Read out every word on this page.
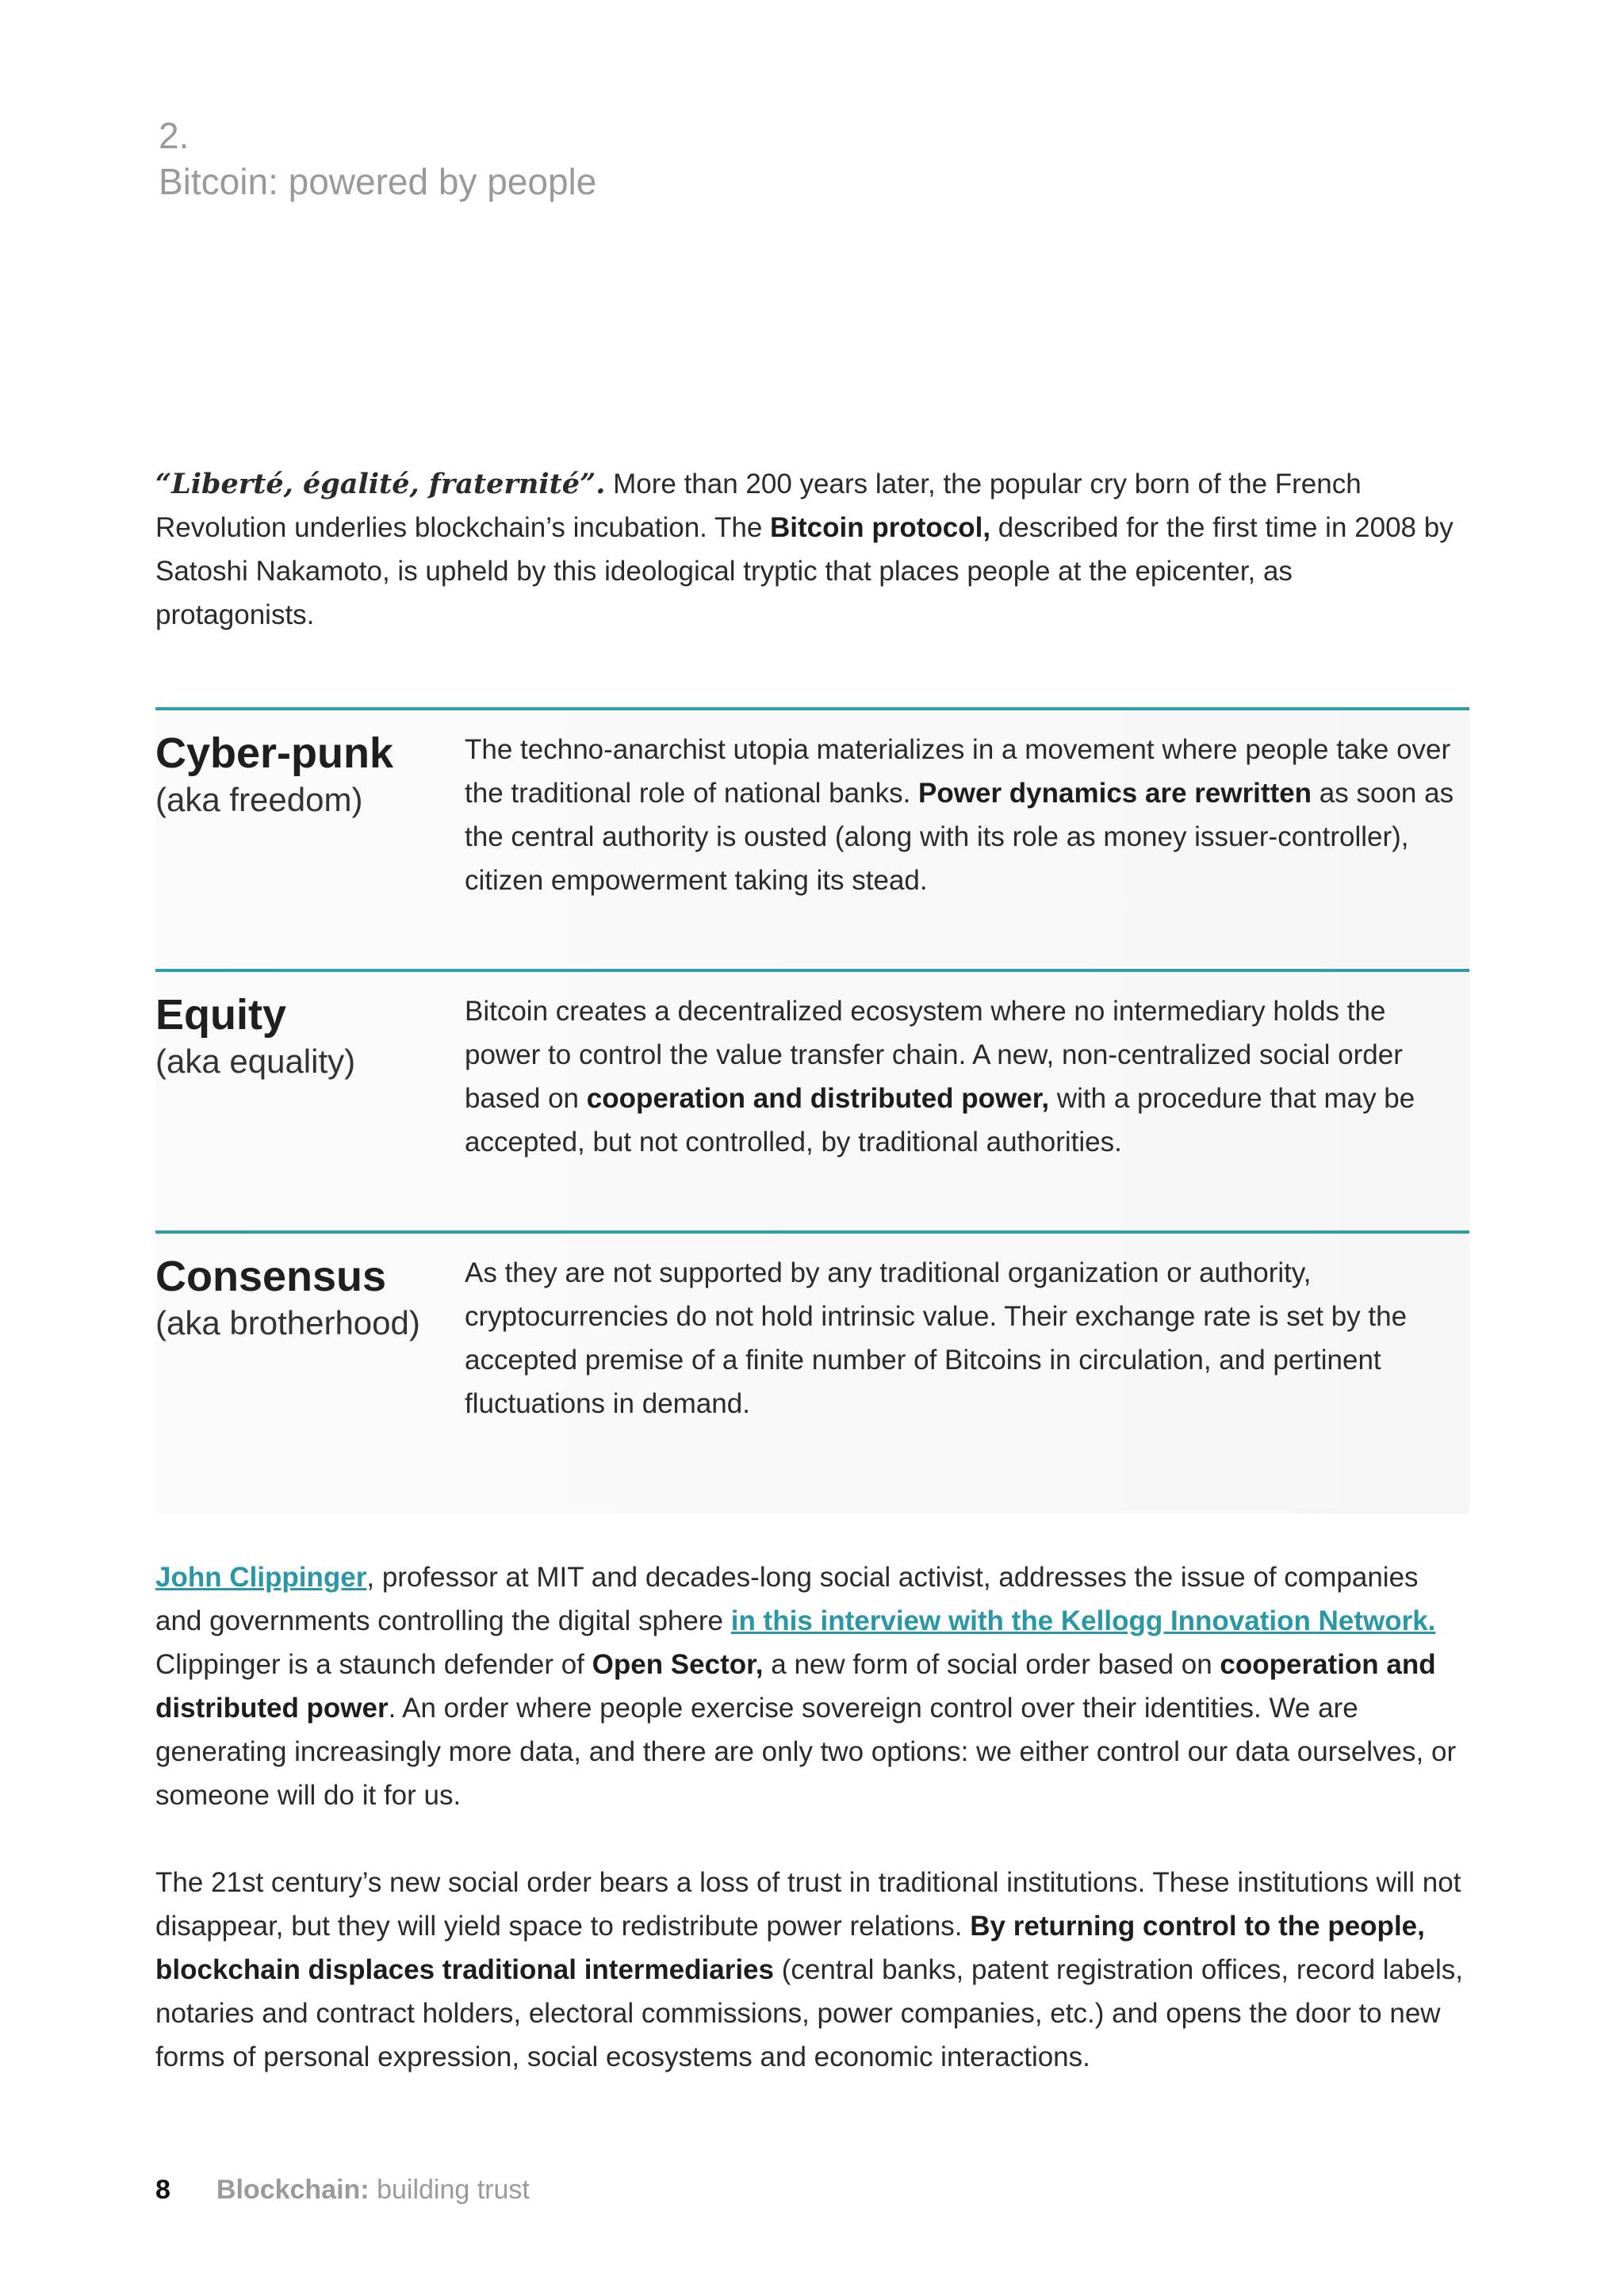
2.
Bitcoin: powered by people

“Liberté, égalité, fraternité”. More than 200 years later, the popular cry born of the French Revolution underlies blockchain’s incubation. The Bitcoin protocol, described for the first time in 2008 by Satoshi Nakamoto, is upheld by this ideological tryptic that places people at the epicenter, as protagonists.

Cyber-punk
(aka freedom)

The techno-anarchist utopia materializes in a movement where people take over the traditional role of national banks. Power dynamics are rewritten as soon as the central authority is ousted (along with its role as money issuer-controller), citizen empowerment taking its stead.

Equity
(aka equality)

Bitcoin creates a decentralized ecosystem where no intermediary holds the power to control the value transfer chain. A new, non-centralized social order based on cooperation and distributed power, with a procedure that may be accepted, but not controlled, by traditional authorities.

Consensus
(aka brotherhood)

As they are not supported by any traditional organization or authority, cryptocurrencies do not hold intrinsic value. Their exchange rate is set by the accepted premise of a finite number of Bitcoins in circulation, and pertinent fluctuations in demand.

John Clippinger, professor at MIT and decades-long social activist, addresses the issue of companies and governments controlling the digital sphere in this interview with the Kellogg Innovation Network. Clippinger is a staunch defender of Open Sector, a new form of social order based on cooperation and distributed power. An order where people exercise sovereign control over their identities. We are generating increasingly more data, and there are only two options: we either control our data ourselves, or someone will do it for us.

The 21st century’s new social order bears a loss of trust in traditional institutions. These institutions will not disappear, but they will yield space to redistribute power relations. By returning control to the people, blockchain displaces traditional intermediaries (central banks, patent registration offices, record labels, notaries and contract holders, electoral commissions, power companies, etc.) and opens the door to new forms of personal expression, social ecosystems and economic interactions.

8 Blockchain: building trust
